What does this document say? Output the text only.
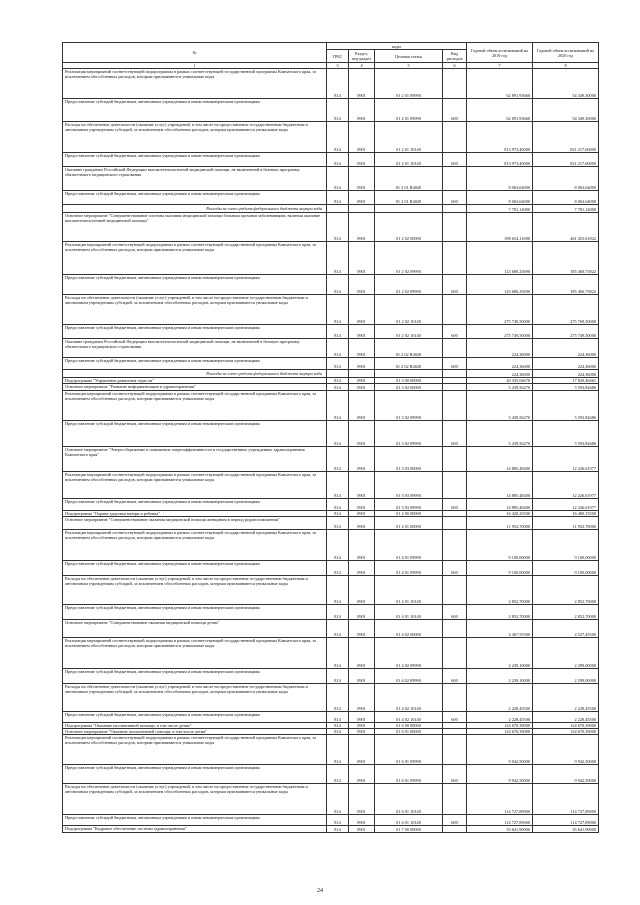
№	коды				Годовой объем ассигнований на 2019 год	Годовой объем ассигнований на 2020 год
	ГРБС	Раздел, под-раздел	Целевая статья	Вид расходов		
1	3	4	5	6	7	8
Реализация мероприятий соответствующей подпрограммы в рамках соответствующей государственной программы Камчатского края, за исключением обособленных расходов, которым присваиваются уникальные коды	814	0901	01 2 01 09990		62 891,93660	54 349,30000
Предоставление субсидий бюджетным, автономным учреждениям и иным некоммерческим организациям	814	0901	01 2 01 09990	600	62 891,93660	54 349,30000
Расходы на обеспечение деятельности (оказание услуг) учреждений, в том числе на предоставление государственным бюджетным и автономным учреждениям субсидий, за исключением обособленных расходов, которым присваиваются уникальные коды	814	0901	01 2 01 10140		813 973,40000	821 217,60000
Предоставление субсидий бюджетным, автономным учреждениям и иным некоммерческим организациям	814	0901	01 2 01 10140	600	813 973,40000	821 217,60000
Оказание гражданам Российской Федерации высокотехнологичной медицинской помощи, не включенной в базовую программу обязательного медицинского страхования	814	0901	01 2 01 R4020		8 063,64000	8 063,64000
Предоставление субсидий бюджетным, автономным учреждениям и иным некоммерческим организациям	814	0901	01 2 01 R4020	600	8 063,64000	8 063,64000
Расходы за счет средств федерального бюджета внутри кода					7 781,14000	7 781,14000
Основное мероприятие "Совершенствование системы оказания медицинской помощи больным прочими заболеваниями, включая оказание высокотехнологичной медицинской помощи"	814	0901	01 2 02 00000		399 654,11690	461 455,61822
Реализация мероприятий соответствующей подпрограммы в рамках соответствующей государственной программы Камчатского края, за исключением обособленных расходов, которым присваиваются уникальные коды	814	0901	01 2 02 09990		123 680,25690	185 460,75822
Предоставление субсидий бюджетным, автономным учреждениям и иным некоммерческим организациям	814	0901	01 2 02 09990	600	123 680,25690	185 460,75822
Расходы на обеспечение деятельности (оказание услуг) учреждений, в том числе на предоставление государственным бюджетным и автономным учреждениям субсидий, за исключением обособленных расходов, которым присваиваются уникальные коды	814	0901	01 2 02 10140		275 749,50000	275 769,50000
Предоставление субсидий бюджетным, автономным учреждениям и иным некоммерческим организациям	814	0901	01 2 02 10140	600	275 749,50000	275 749,50000
Оказание гражданам Российской Федерации высокотехнологичной медицинской помощи, не включенной в базовую программу обязательного медицинского страхования	814	0901	01 2 02 R4020		224,36000	224,36000
Предоставление субсидий бюджетным, автономным учреждениям и иным некоммерческим организациям	814	0901	01 2 02 R4020	600	224,36000	224,36000
Расходы за счет средств федерального бюджета внутри кода					224,36000	224,36000
Подпрограмма "Управление развитием отрасли"	814	0901	01 3 00 00000		20 335,04670	17 820,46461
Основное мероприятие "Развитие информатизации в здравоохранении"	814	0901	01 3 02 00000		5 439,56270	5 593,84486
Реализация мероприятий соответствующей подпрограммы в рамках соответствующей государственной программы Камчатского края, за исключением обособленных расходов, которым присваиваются уникальные коды	814	0901	01 3 02 09990		5 439,56270	5 593,84486
Предоставление субсидий бюджетным, автономным учреждениям и иным некоммерческим организациям	814	0901	01 3 02 09990	600	5 439,56270	5 593,84486
Основное мероприятие "Энергосбережение и повышение энергоэффективности в государственных учреждениях здравоохранения Камчатского края"	814	0901	01 3 03 00000		14 885,48400	12 226,61977
Реализация мероприятий соответствующей подпрограммы в рамках соответствующей государственной программы Камчатского края, за исключением обособленных расходов, которым присваиваются уникальные коды	814	0901	01 3 03 09990		14 885,48400	12 226,61977
Предоставление субсидий бюджетным, автономным учреждениям и иным некоммерческим организациям	814	0901	01 3 03 09990	600	14 885,48400	12 226,61977
Подпрограмма "Охрана здоровья матери и ребенка"	814	0901	01 4 00 00000		16 420,25500	16 480,15500
Основное мероприятие "Совершенствование оказания медицинской помощи женщинам в период родовспоможения"	814	0901	01 4 01 00000		11 952,70000	11 952,70000
Реализация мероприятий соответствующей подпрограммы в рамках соответствующей государственной программы Камчатского края, за исключением обособленных расходов, которым присваиваются уникальные коды	814	0901	01 4 01 09990		9 100,00000	9 100,00000
Предоставление субсидий бюджетным, автономным учреждениям и иным некоммерческим организациям	814	0901	01 4 01 09990	600	9 100,00000	9 100,00000
Расходы на обеспечение деятельности (оказание услуг) учреждений, в том числе на предоставление государственным бюджетным и автономным учреждениям субсидий, за исключением обособленных расходов, которым присваиваются уникальные коды	814	0901	01 4 01 10140		2 852,70000	2 852,70000
Предоставление субсидий бюджетным, автономным учреждениям и иным некоммерческим организациям	814	0901	01 4 01 10140	600	2 852,70000	2 852,70000
Основное мероприятие "Совершенствование оказания медицинской помощи детям"	814	0901	01 4 02 00000		4 467,55500	4 527,45500
Реализация мероприятий соответствующей подпрограммы в рамках соответствующей государственной программы Камчатского края, за исключением обособленных расходов, которым присваиваются уникальные коды	814	0901	01 4 02 09990		2 239,10000	2 299,00000
Предоставление субсидий бюджетным, автономным учреждениям и иным некоммерческим организациям	814	0901	01 4 02 09990	600	2 239,10000	2 299,00000
Расходы на обеспечение деятельности (оказание услуг) учреждений, в том числе на предоставление государственным бюджетным и автономным учреждениям субсидий, за исключением обособленных расходов, которым присваиваются уникальные коды	814	0901	01 4 02 10140		2 228,45500	2 228,45500
Предоставление субсидий бюджетным, автономным учреждениям и иным некоммерческим организациям	814	0901	01 4 02 10140	600	2 228,45500	2 228,45500
Подпрограмма "Оказание паллиативной помощи, в том числе детям"	814	0901	01 6 00 00000		124 670,39000	124 670,39000
Основное мероприятие "Оказание паллиативной помощи, в том числе детям"	814	0901	01 6 01 00000		124 670,39000	124 670,39000
Реализация мероприятий соответствующей подпрограммы в рамках соответствующей государственной программы Камчатского края, за исключением обособленных расходов, которым присваиваются уникальные коды	814	0901	01 6 01 09990		9 942,50000	9 942,50000
Предоставление субсидий бюджетным, автономным учреждениям и иным некоммерческим организациям	814	0901	01 6 01 09990	600	9 942,50000	9 942,50000
Расходы на обеспечение деятельности (оказание услуг) учреждений, в том числе на предоставление государственным бюджетным и автономным учреждениям субсидий, за исключением обособленных расходов, которым присваиваются уникальные коды	814	0901	01 6 01 10140		114 727,89000	114 727,89000
Предоставление субсидий бюджетным, автономным учреждениям и иным некоммерческим организациям	814	0901	01 6 01 10140	600	114 727,89000	114 727,89000
Подпрограмма "Кадровое обеспечение системы здравоохранения"	814	0901	01 7 00 00000		35 641,90000	35 641,90000
24
